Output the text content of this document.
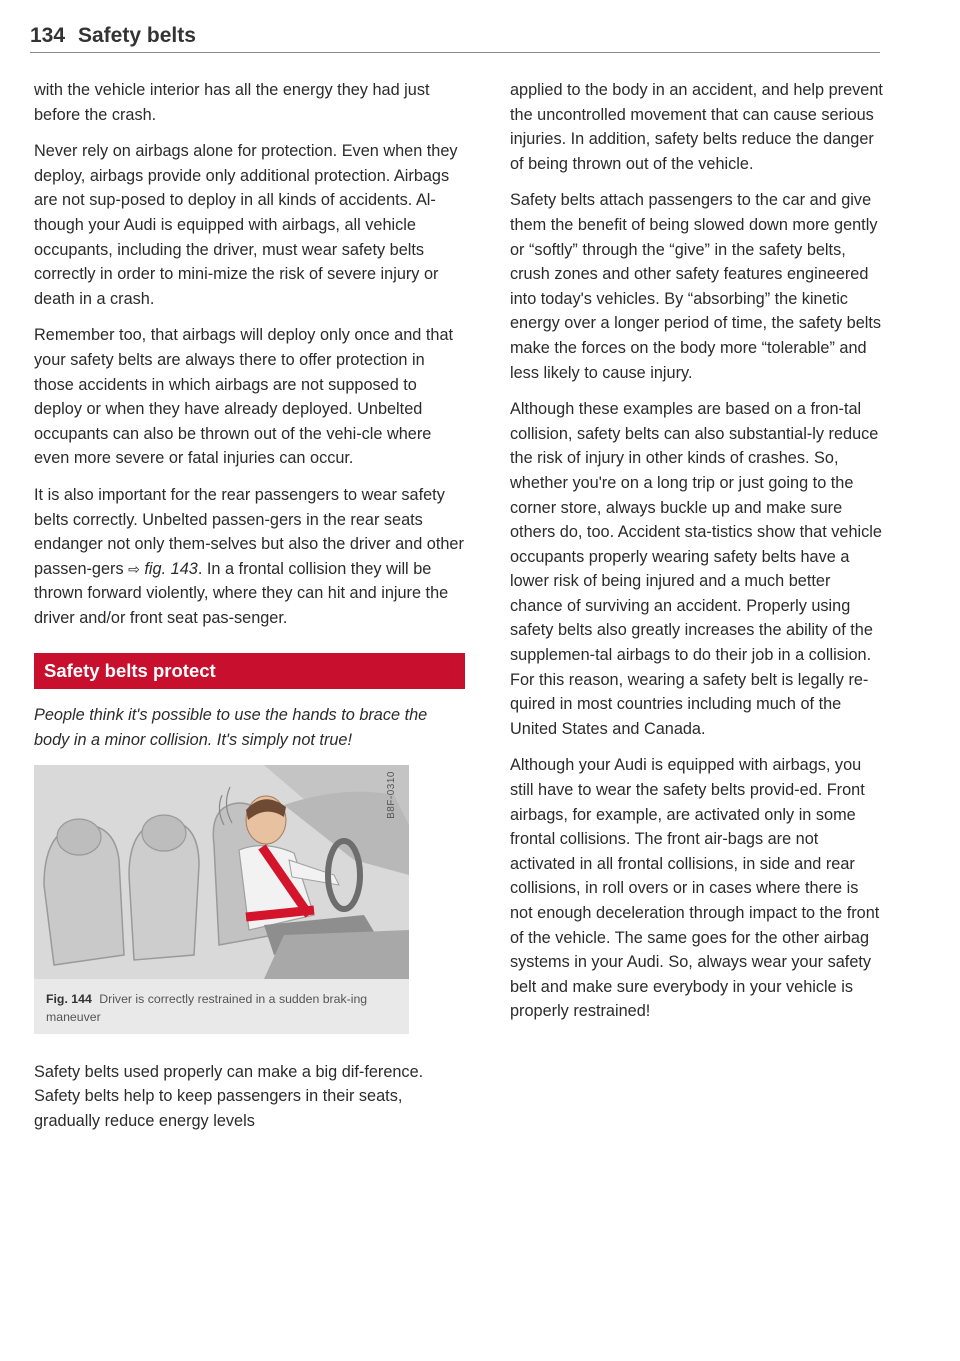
134 Safety belts

with the vehicle interior has all the energy they had just before the crash.

Never rely on airbags alone for protection. Even when they deploy, airbags provide only additional protection. Airbags are not sup-posed to deploy in all kinds of accidents. Al-though your Audi is equipped with airbags, all vehicle occupants, including the driver, must wear safety belts correctly in order to mini-mize the risk of severe injury or death in a crash.

Remember too, that airbags will deploy only once and that your safety belts are always there to offer protection in those accidents in which airbags are not supposed to deploy or when they have already deployed. Unbelted occupants can also be thrown out of the vehi-cle where even more severe or fatal injuries can occur.

It is also important for the rear passengers to wear safety belts correctly. Unbelted passen-gers in the rear seats endanger not only them-selves but also the driver and other passen-gers ⇨ fig. 143. In a frontal collision they will be thrown forward violently, where they can hit and injure the driver and/or front seat pas-senger.

Safety belts protect

People think it's possible to use the hands to brace the body in a minor collision. It's simply not true!

B8F-0310
Fig. 144 Driver is correctly restrained in a sudden brak-ing maneuver

Safety belts used properly can make a big dif-ference. Safety belts help to keep passengers in their seats, gradually reduce energy levels

applied to the body in an accident, and help prevent the uncontrolled movement that can cause serious injuries. In addition, safety belts reduce the danger of being thrown out of the vehicle.

Safety belts attach passengers to the car and give them the benefit of being slowed down more gently or “softly” through the “give” in the safety belts, crush zones and other safety features engineered into today's vehicles. By “absorbing” the kinetic energy over a longer period of time, the safety belts make the forces on the body more “tolerable” and less likely to cause injury.

Although these examples are based on a fron-tal collision, safety belts can also substantial-ly reduce the risk of injury in other kinds of crashes. So, whether you're on a long trip or just going to the corner store, always buckle up and make sure others do, too. Accident sta-tistics show that vehicle occupants properly wearing safety belts have a lower risk of being injured and a much better chance of surviving an accident. Properly using safety belts also greatly increases the ability of the supplemen-tal airbags to do their job in a collision. For this reason, wearing a safety belt is legally re-quired in most countries including much of the United States and Canada.

Although your Audi is equipped with airbags, you still have to wear the safety belts provid-ed. Front airbags, for example, are activated only in some frontal collisions. The front air-bags are not activated in all frontal collisions, in side and rear collisions, in roll overs or in cases where there is not enough deceleration through impact to the front of the vehicle. The same goes for the other airbag systems in your Audi. So, always wear your safety belt and make sure everybody in your vehicle is properly restrained!
